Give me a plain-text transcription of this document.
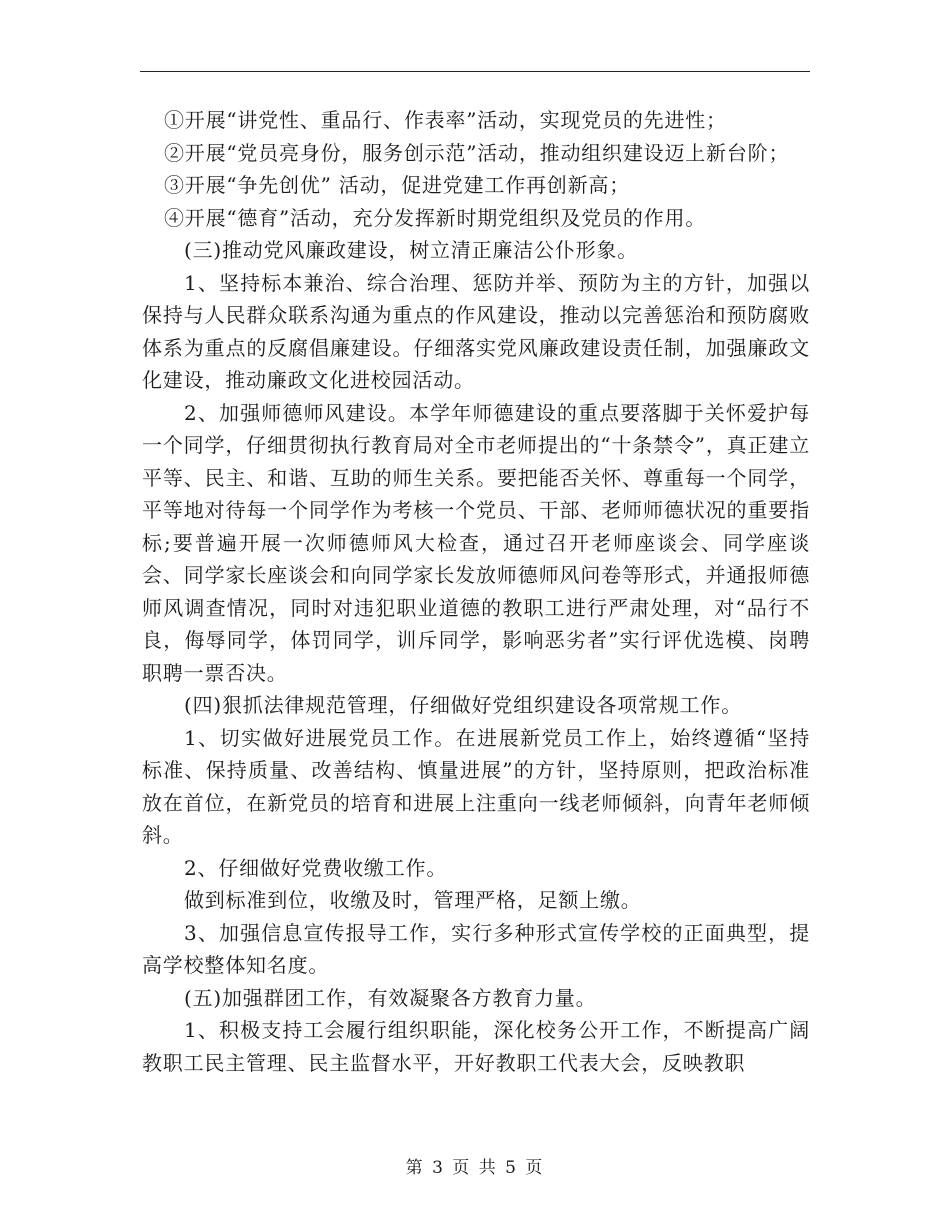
①开展“讲党性、重品行、作表率”活动，实现党员的先进性；

②开展“党员亮身份，服务创示范”活动，推动组织建设迈上新台阶；

③开展“争先创优” 活动，促进党建工作再创新高；

④开展“德育”活动，充分发挥新时期党组织及党员的作用。

(三)推动党风廉政建设，树立清正廉洁公仆形象。

1、坚持标本兼治、综合治理、惩防并举、预防为主的方针，加强以保持与人民群众联系沟通为重点的作风建设，推动以完善惩治和预防腐败体系为重点的反腐倡廉建设。仔细落实党风廉政建设责任制，加强廉政文化建设，推动廉政文化进校园活动。

2、加强师德师风建设。本学年师德建设的重点要落脚于关怀爱护每一个同学，仔细贯彻执行教育局对全市老师提出的“十条禁令”，真正建立平等、民主、和谐、互助的师生关系。要把能否关怀、尊重每一个同学，平等地对待每一个同学作为考核一个党员、干部、老师师德状况的重要指标;要普遍开展一次师德师风大检查，通过召开老师座谈会、同学座谈会、同学家长座谈会和向同学家长发放师德师风问卷等形式，并通报师德师风调查情况，同时对违犯职业道德的教职工进行严肃处理，对“品行不良，侮辱同学，体罚同学，训斥同学，影响恶劣者”实行评优选模、岗聘职聘一票否决。

(四)狠抓法律规范管理，仔细做好党组织建设各项常规工作。

1、切实做好进展党员工作。在进展新党员工作上，始终遵循“坚持标准、保持质量、改善结构、慎量进展”的方针，坚持原则，把政治标准放在首位，在新党员的培育和进展上注重向一线老师倾斜，向青年老师倾斜。

2、仔细做好党费收缴工作。

做到标准到位，收缴及时，管理严格，足额上缴。

3、加强信息宣传报导工作，实行多种形式宣传学校的正面典型，提高学校整体知名度。

(五)加强群团工作，有效凝聚各方教育力量。

1、积极支持工会履行组织职能，深化校务公开工作，不断提高广阔教职工民主管理、民主监督水平，开好教职工代表大会，反映教职

第 3 页 共 5 页
